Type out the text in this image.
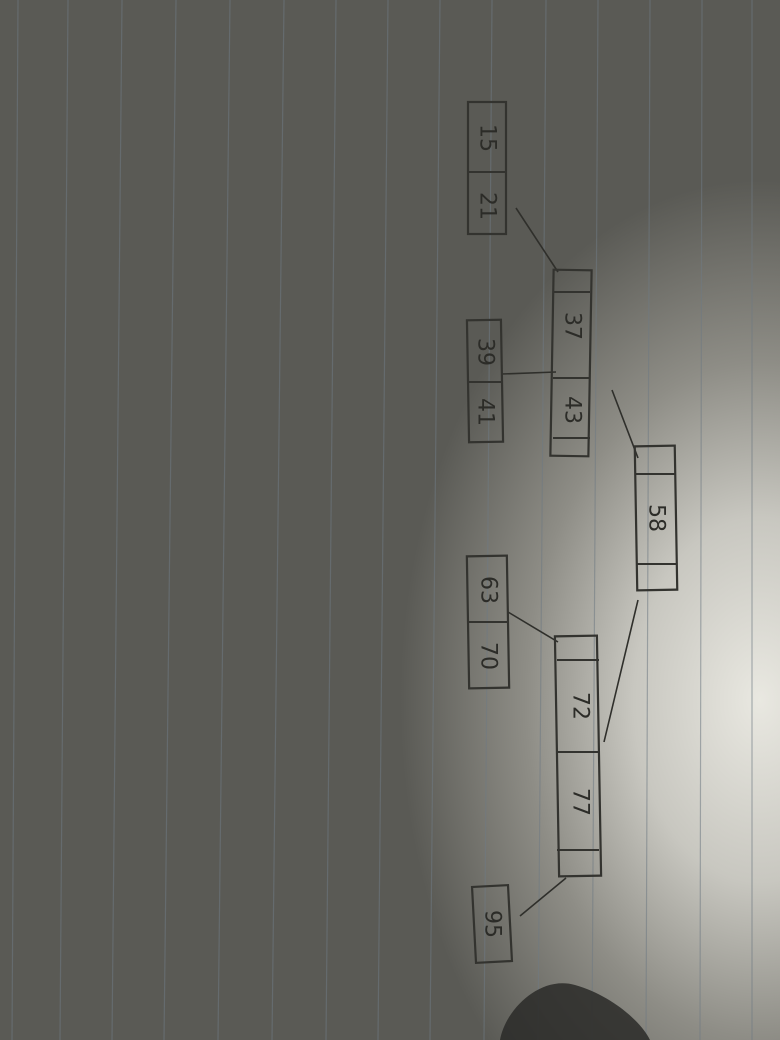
58
37
43
72
77
15
21
39
41
63
70
95
